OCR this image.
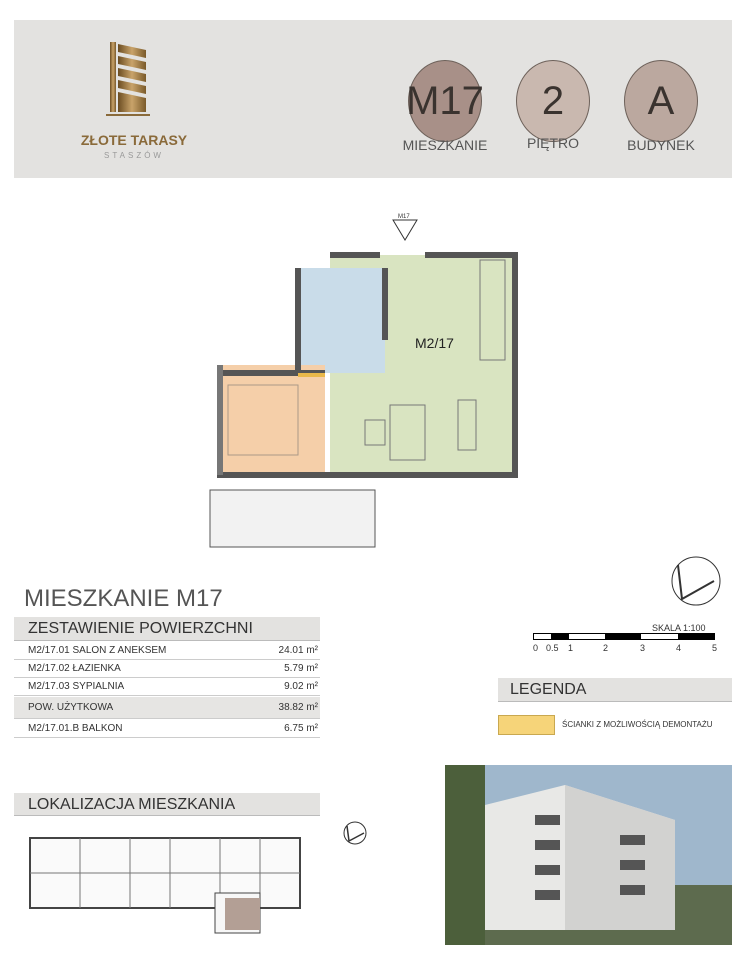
ZŁOTE TARASY
STASZÓW
M17
MIESZKANIE
2
PIĘTRO
A
BUDYNEK
M17
M2/17
MIESZKANIE M17
ZESTAWIENIE POWIERZCHNI
M2/17.01 SALON Z ANEKSEM	24.01 m²
M2/17.02 ŁAZIENKA	5.79 m²
M2/17.03 SYPIALNIA	9.02 m²
POW. UŻYTKOWA	38.82 m²
M2/17.01.B BALKON	6.75 m²
SKALA 1:100
0 0.5 1	2	3	4	5
LEGENDA
ŚCIANKI Z MOŻLIWOŚCIĄ DEMONTAŻU
LOKALIZACJA MIESZKANIA
